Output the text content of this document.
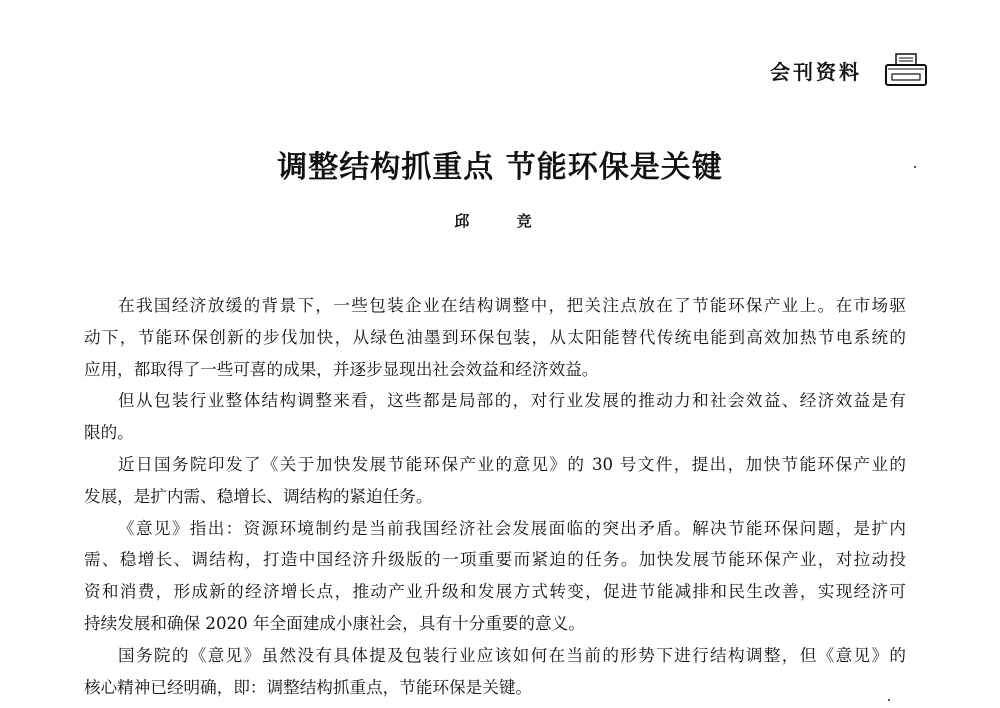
会刊资料
调整结构抓重点 节能环保是关键
邱 竞
在我国经济放缓的背景下，一些包装企业在结构调整中，把关注点放在了节能环保产业上。在市场驱
动下，节能环保创新的步伐加快，从绿色油墨到环保包装，从太阳能替代传统电能到高效加热节电系统的
应用，都取得了一些可喜的成果，并逐步显现出社会效益和经济效益。
但从包装行业整体结构调整来看，这些都是局部的，对行业发展的推动力和社会效益、经济效益是有
限的。
近日国务院印发了《关于加快发展节能环保产业的意见》的 30 号文件，提出，加快节能环保产业的
发展，是扩内需、稳增长、调结构的紧迫任务。
《意见》指出：资源环境制约是当前我国经济社会发展面临的突出矛盾。解决节能环保问题，是扩内
需、稳增长、调结构，打造中国经济升级版的一项重要而紧迫的任务。加快发展节能环保产业，对拉动投
资和消费，形成新的经济增长点，推动产业升级和发展方式转变，促进节能减排和民生改善，实现经济可
持续发展和确保 2020 年全面建成小康社会，具有十分重要的意义。
国务院的《意见》虽然没有具体提及包装行业应该如何在当前的形势下进行结构调整，但《意见》的
核心精神已经明确，即：调整结构抓重点，节能环保是关键。
